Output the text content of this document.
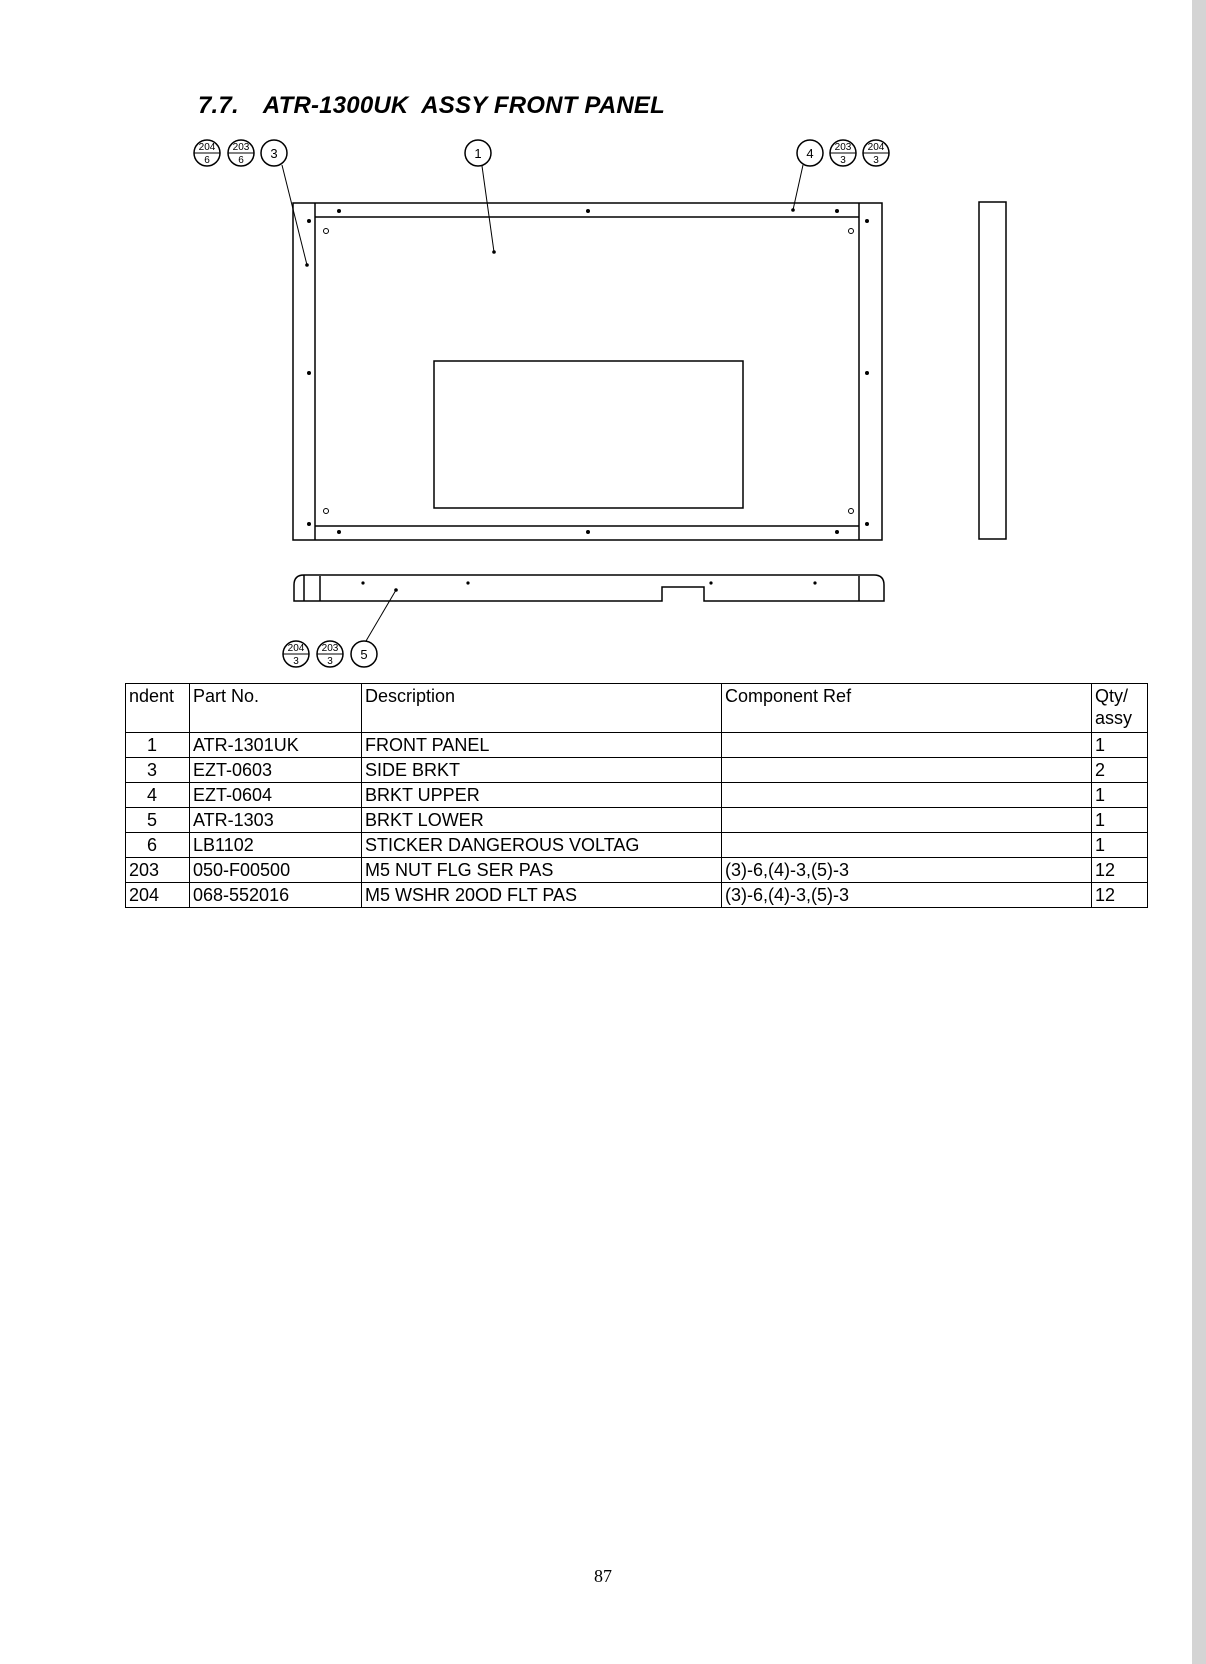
7.7. ATR-1300UK  ASSY FRONT PANEL
204
6
203
6 3	1	4 203
3
204
3
204
3
203
3 5
ndent	Part No.	Description	Component Ref	Qty/
assy
1	ATR-1301UK	FRONT PANEL		1
3	EZT-0603	SIDE BRKT		2
4	EZT-0604	BRKT UPPER		1
5	ATR-1303	BRKT LOWER		1
6	LB1102	STICKER DANGEROUS VOLTAG		1
203	050-F00500	M5 NUT FLG SER PAS	(3)-6,(4)-3,(5)-3	12
204	068-552016	M5 WSHR 20OD FLT PAS	(3)-6,(4)-3,(5)-3	12
87
